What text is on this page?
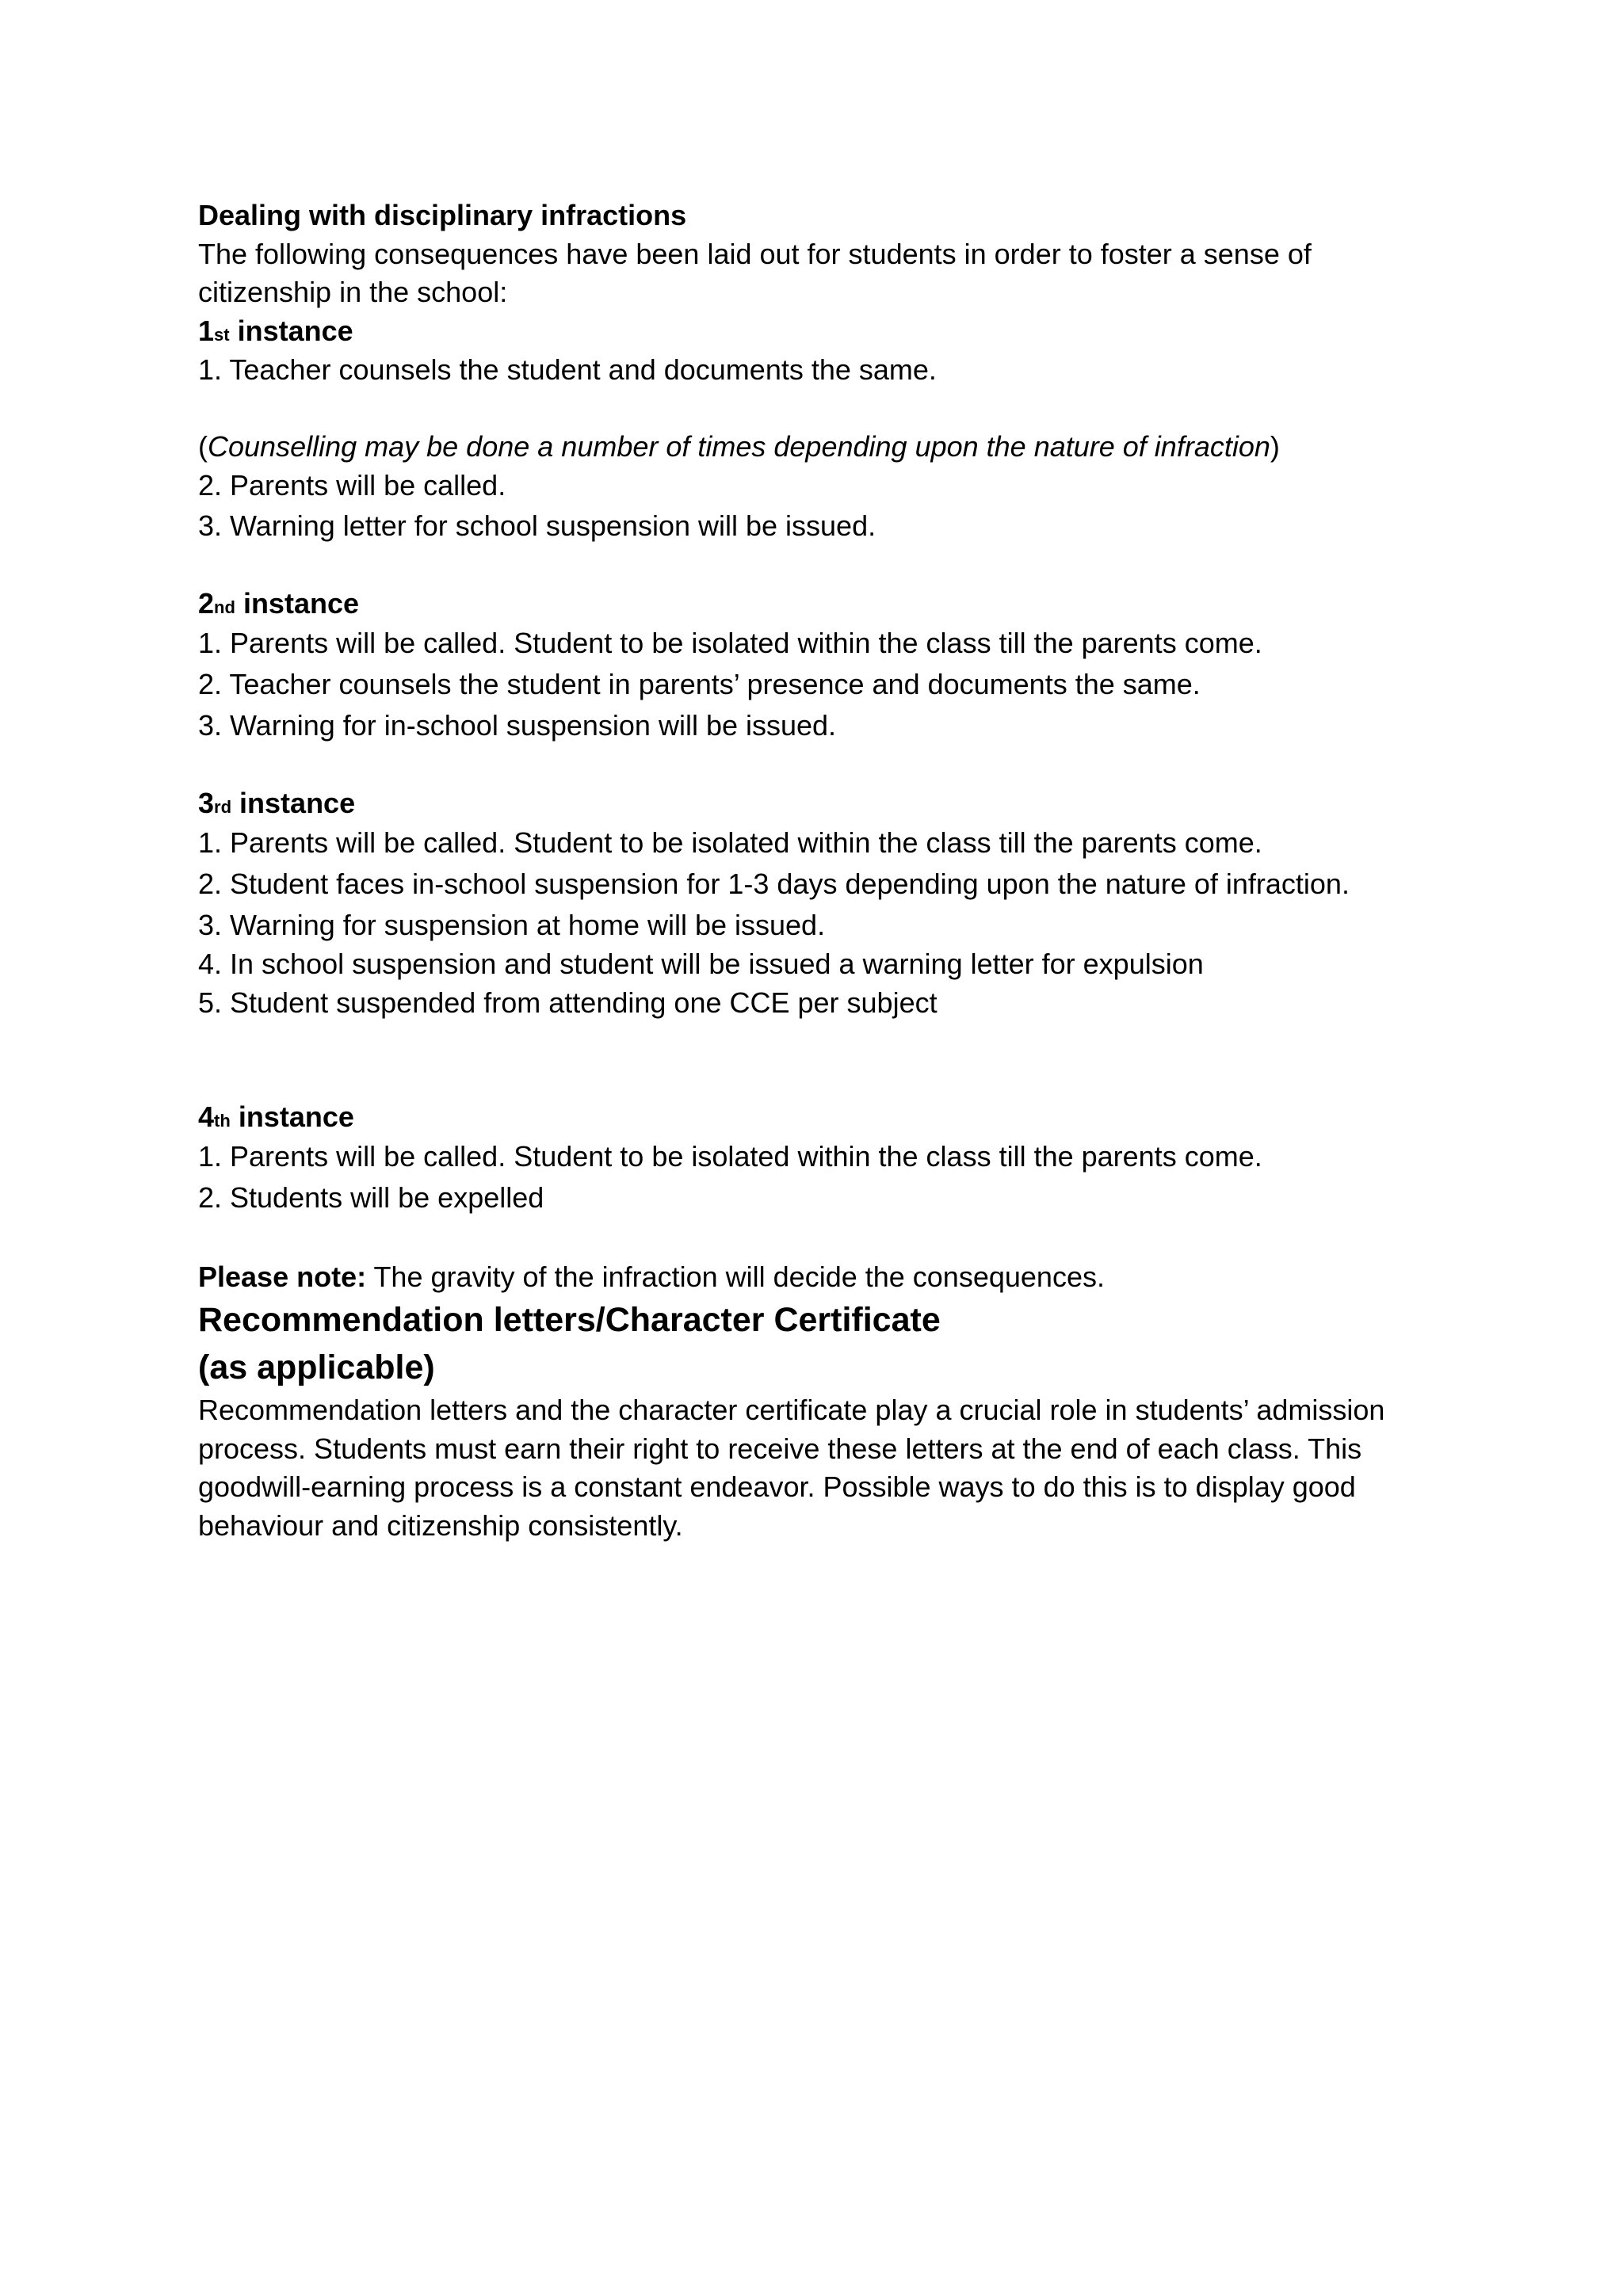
Dealing with disciplinary infractions
The following consequences have been laid out for students in order to foster a sense of
citizenship in the school:
1st instance
1. Teacher counsels the student and documents the same.
(Counselling may be done a number of times depending upon the nature of infraction)
2. Parents will be called.
3. Warning letter for school suspension will be issued.
2nd instance
1. Parents will be called. Student to be isolated within the class till the parents come.
2. Teacher counsels the student in parents’ presence and documents the same.
3. Warning for in-school suspension will be issued.
3rd instance
1. Parents will be called. Student to be isolated within the class till the parents come.
2. Student faces in-school suspension for 1-3 days depending upon the nature of infraction.
3. Warning for suspension at home will be issued.
4. In school suspension and student will be issued a warning letter for expulsion
5. Student suspended from attending one CCE per subject
4th instance
1. Parents will be called. Student to be isolated within the class till the parents come.
2. Students will be expelled
Please note: The gravity of the infraction will decide the consequences.
Recommendation letters/Character Certificate
(as applicable)
Recommendation letters and the character certificate play a crucial role in students’ admission
process. Students must earn their right to receive these letters at the end of each class. This
goodwill-earning process is a constant endeavor. Possible ways to do this is to display good
behaviour and citizenship consistently.
